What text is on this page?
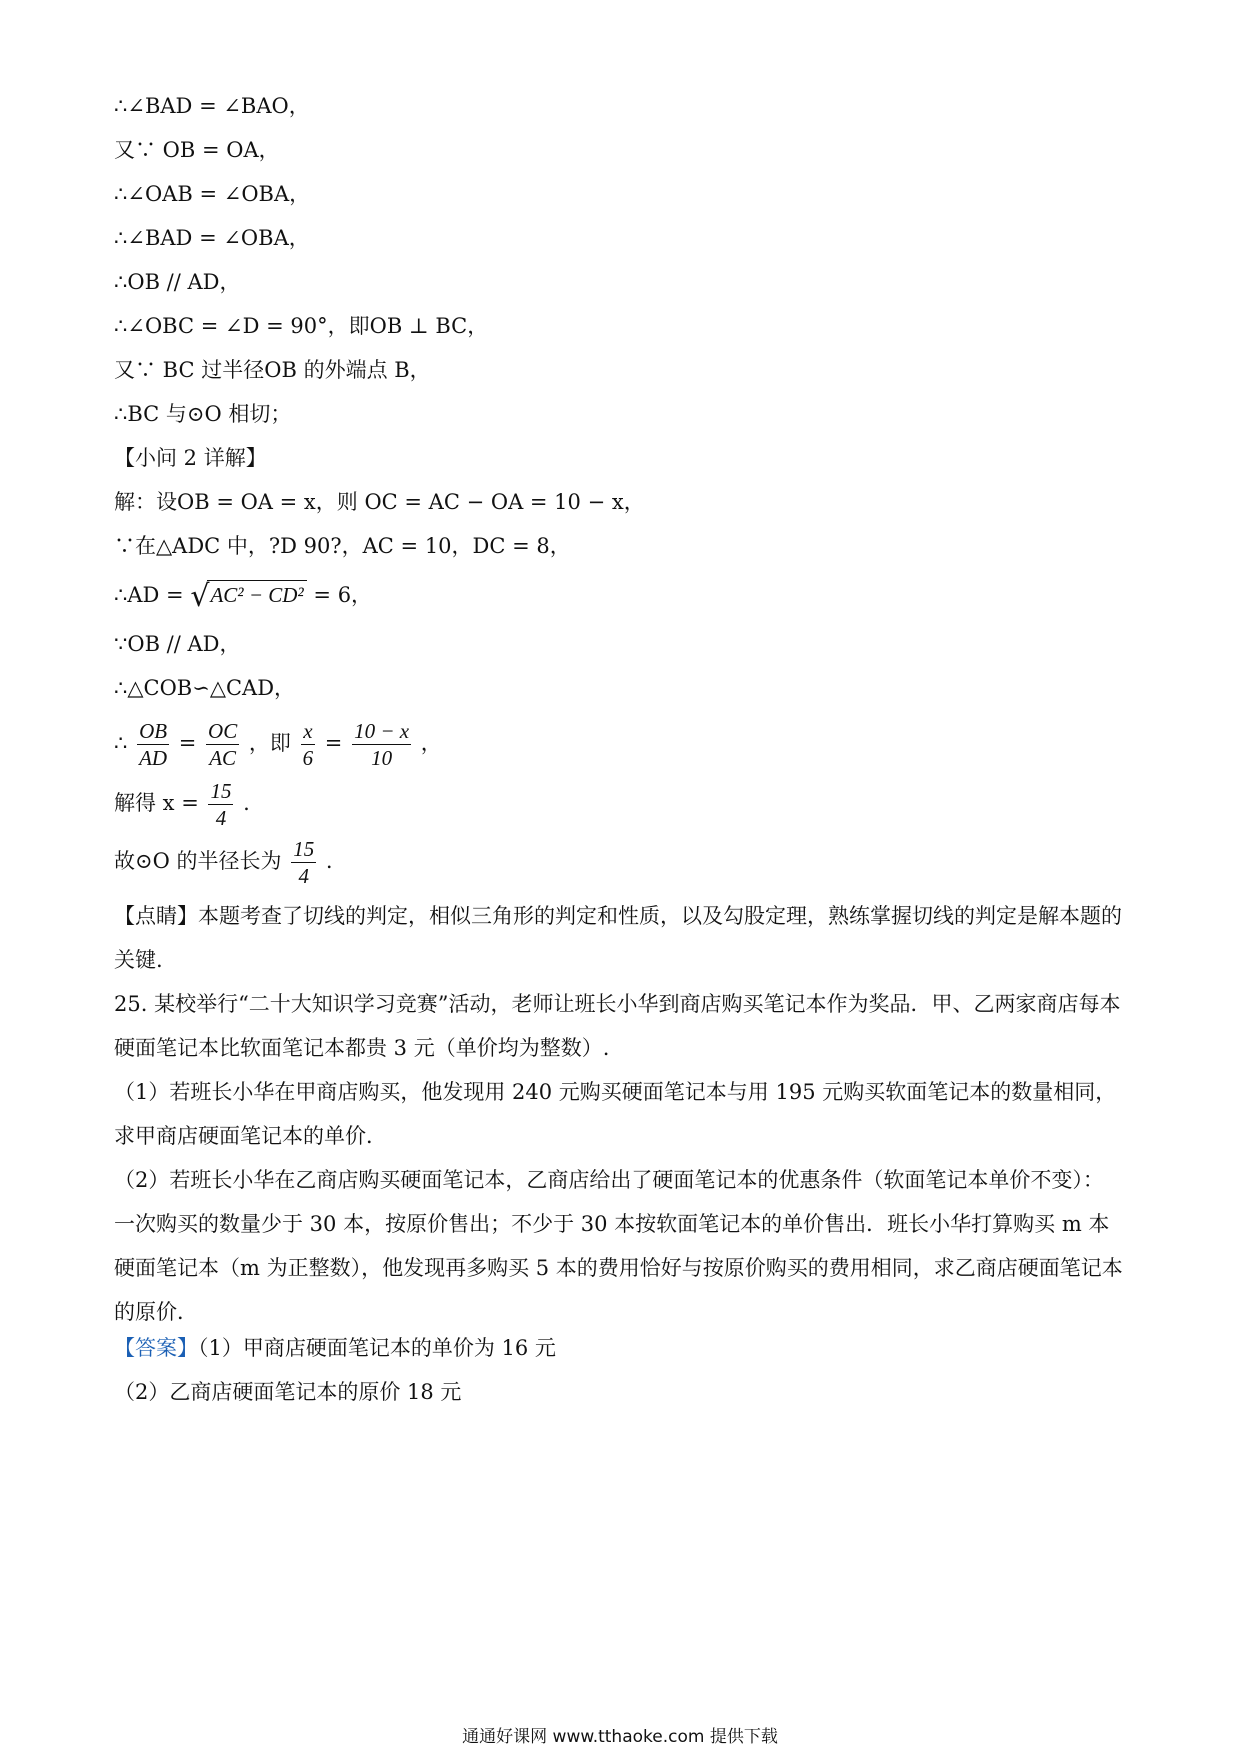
∴∠BAD = ∠BAO，
又∵ OB = OA，
∴∠OAB = ∠OBA，
∴∠BAD = ∠OBA，
∴OB // AD，
∴∠OBC = ∠D = 90°，即OB ⊥ BC，
又∵ BC 过半径OB 的外端点 B，
∴BC 与⊙O 相切；
【小问 2 详解】
解：设OB = OA = x，则 OC = AC − OA = 10 − x，
∵在△ADC 中，?D 90?，AC = 10，DC = 8，
∴AD = √AC² − CD² = 6，
∵OB // AD，
∴△COB∽△CAD，
∴ $\frac{OB}{AD} = \frac{OC}{AC}$ ，即 $\frac{x}{6} = \frac{10 - x}{10}$ ，
解得 $x = \frac{15}{4}$ .
故⊙O 的半径长为 $\frac{15}{4}$ .
【点睛】本题考查了切线的判定，相似三角形的判定和性质，以及勾股定理，熟练掌握切线的判定是解本题的关键.
25. 某校举行“二十大知识学习竞赛”活动，老师让班长小华到商店购买笔记本作为奖品．甲、乙两家商店每本硬面笔记本比软面笔记本都贵 3 元（单价均为整数）.
（1）若班长小华在甲商店购买，他发现用 240 元购买硬面笔记本与用 195 元购买软面笔记本的数量相同，求甲商店硬面笔记本的单价．
（2）若班长小华在乙商店购买硬面笔记本，乙商店给出了硬面笔记本的优惠条件（软面笔记本单价不变）：一次购买的数量少于 30 本，按原价售出；不少于 30 本按软面笔记本的单价售出．班长小华打算购买 m 本硬面笔记本（m 为正整数），他发现再多购买 5 本的费用恰好与按原价购买的费用相同，求乙商店硬面笔记本的原价．
【答案】（1）甲商店硬面笔记本的单价为 16 元
（2）乙商店硬面笔记本的原价 18 元
通通好课网 www.tthaoke.com 提供下载
